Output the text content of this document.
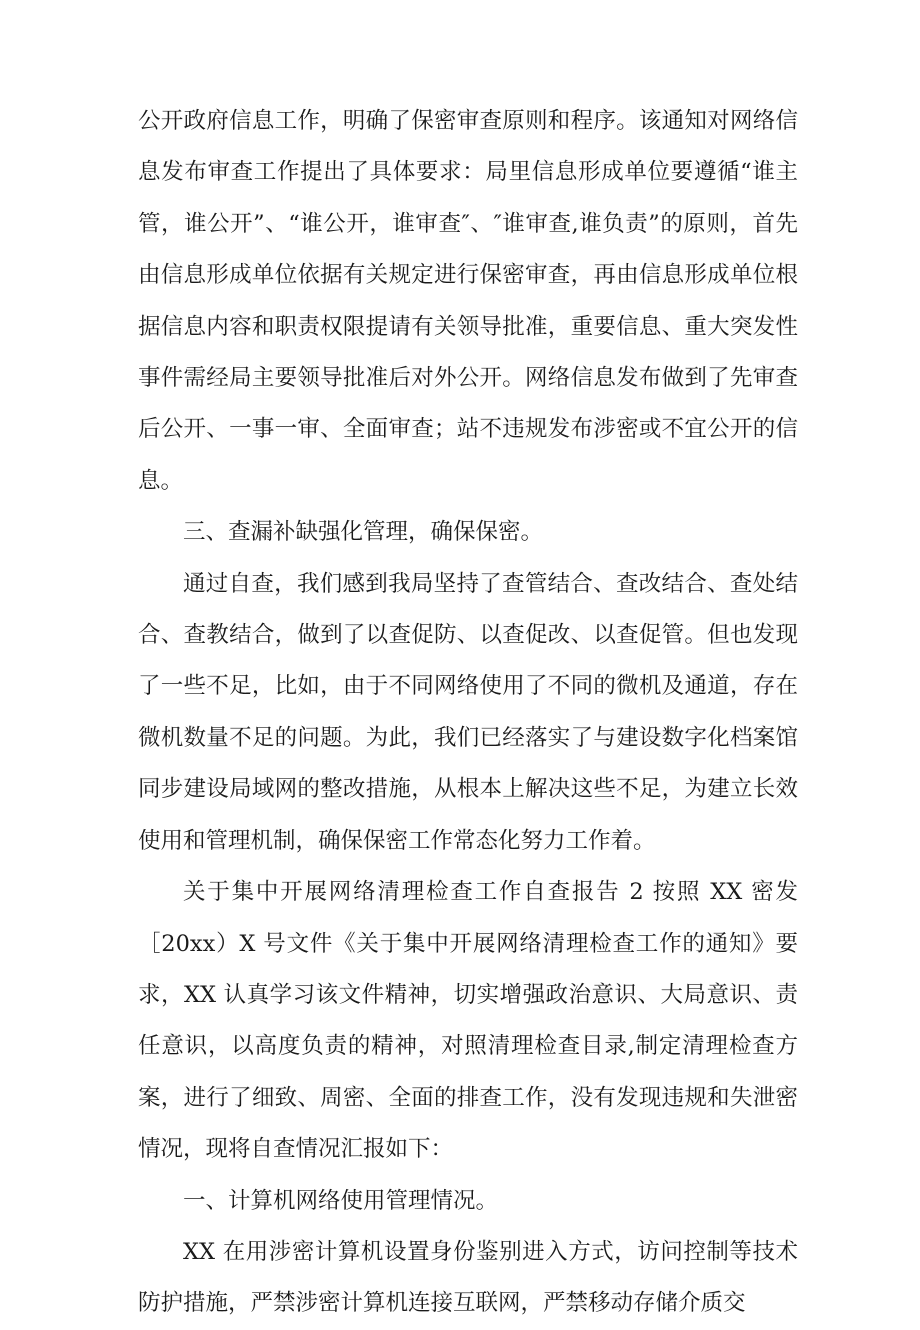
公开政府信息工作，明确了保密审查原则和程序。该通知对网络信息发布审查工作提出了具体要求：局里信息形成单位要遵循“谁主管，谁公开”、“谁公开，谁审查″、″谁审查,谁负责”的原则，首先由信息形成单位依据有关规定进行保密审查，再由信息形成单位根据信息内容和职责权限提请有关领导批准，重要信息、重大突发性事件需经局主要领导批准后对外公开。网络信息发布做到了先审查后公开、一事一审、全面审查；站不违规发布涉密或不宜公开的信息。

三、查漏补缺强化管理，确保保密。

通过自查，我们感到我局坚持了查管结合、查改结合、查处结合、查教结合，做到了以查促防、以查促改、以查促管。但也发现了一些不足，比如，由于不同网络使用了不同的微机及通道，存在微机数量不足的问题。为此，我们已经落实了与建设数字化档案馆同步建设局域网的整改措施，从根本上解决这些不足，为建立长效使用和管理机制，确保保密工作常态化努力工作着。

关于集中开展网络清理检查工作自查报告 2 按照 XX 密发［20xx）X 号文件《关于集中开展网络清理检查工作的通知》要求，XX 认真学习该文件精神，切实增强政治意识、大局意识、责任意识，以高度负责的精神，对照清理检查目录,制定清理检查方案，进行了细致、周密、全面的排查工作，没有发现违规和失泄密情况，现将自查情况汇报如下：

一、计算机网络使用管理情况。

XX 在用涉密计算机设置身份鉴别进入方式，访问控制等技术防护措施，严禁涉密计算机连接互联网，严禁移动存储介质交
